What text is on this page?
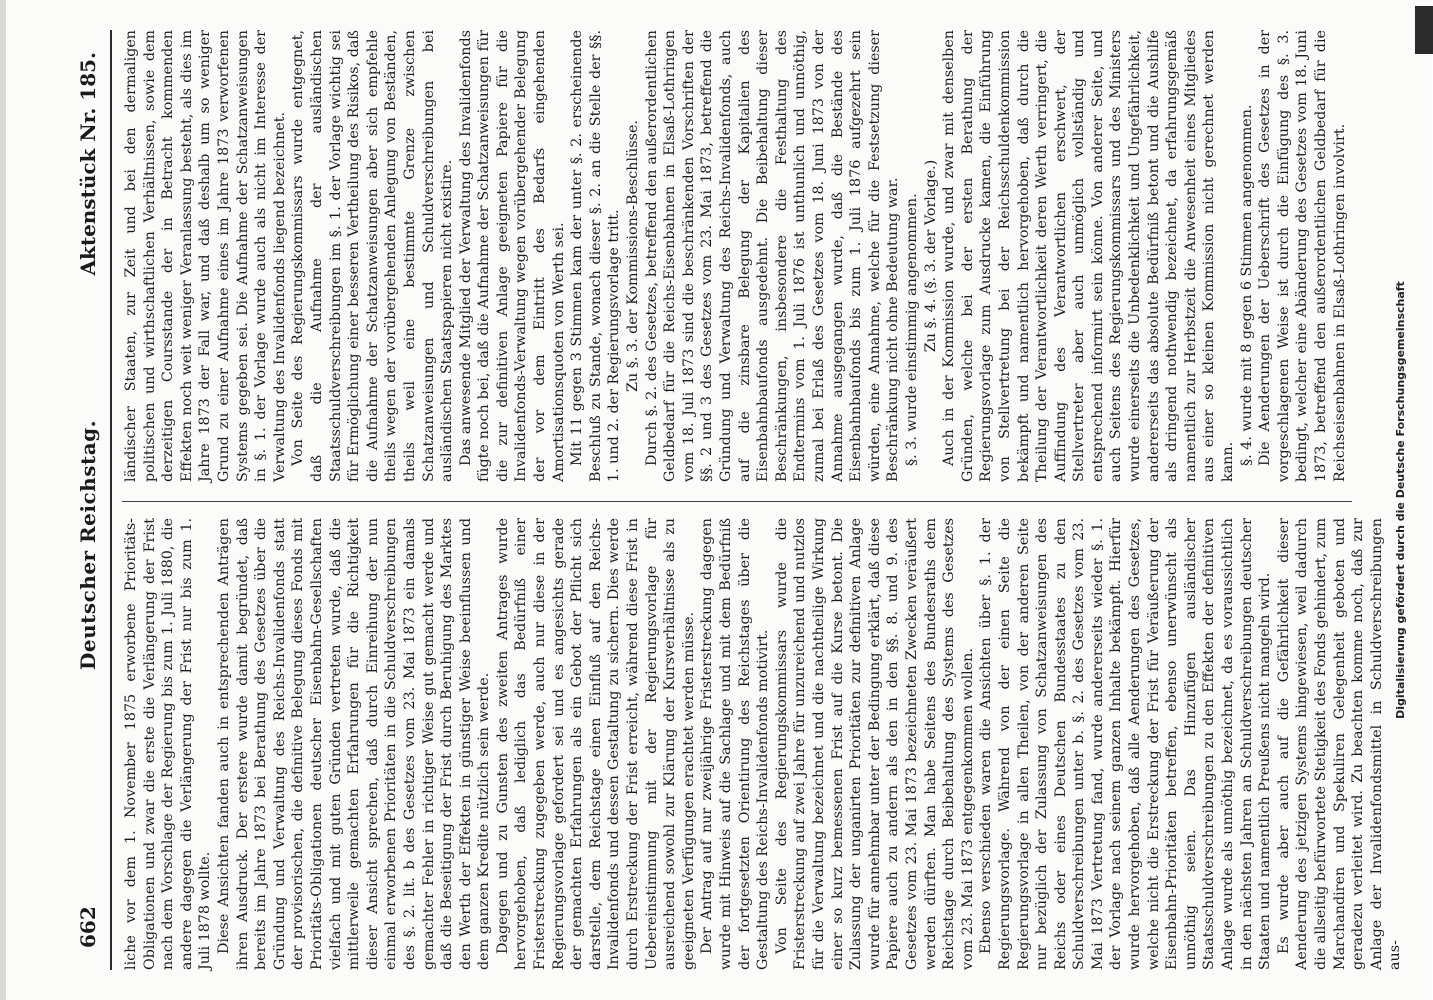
662
Deutscher Reichstag.
Aktenstück Nr. 185.

liche vor dem 1. November 1875 erworbene Prioritäts-Obligationen und zwar die erste die Verlängerung der Frist nach dem Vorschlage der Regierung bis zum 1. Juli 1880, die andere dagegen die Verlängerung der Frist nur bis zum 1. Juli 1878 wollte. Diese Ansichten fanden auch in entsprechenden Anträgen ihren Ausdruck. Der erstere wurde damit begründet, daß bereits im Jahre 1873 bei Berathung des Gesetzes über die Gründung und Verwaltung des Reichs-Invalidenfonds statt der provisorischen, die definitive Belegung dieses Fonds mit Prioritäts-Obligationen deutscher Eisenbahn-Gesellschaften vielfach und mit guten Gründen vertreten wurde, daß die mittlerweile gemachten Erfahrungen für die Richtigkeit dieser Ansicht sprechen, daß durch Einreihung der nun einmal erworbenen Prioritäten in die Schuldverschreibungen des §. 2. lit. b des Gesetzes vom 23. Mai 1873 ein damals gemachter Fehler in richtiger Weise gut gemacht werde und daß die Beseitigung der Frist durch Beruhigung des Marktes den Werth der Effekten in günstiger Weise beeinflussen und dem ganzen Kredite nützlich sein werde. Dagegen und zu Gunsten des zweiten Antrages wurde hervorgehoben, daß lediglich das Bedürfniß einer Fristerstreckung zugegeben werde, auch nur diese in der Regierungsvorlage gefordert sei und es angesichts gerade der gemachten Erfahrungen als ein Gebot der Pflicht sich darstelle, dem Reichstage einen Einfluß auf den Reichs-Invalidenfonds und dessen Gestaltung zu sichern. Dies werde durch Erstreckung der Frist erreicht, während diese Frist in Uebereinstimmung mit der Regierungsvorlage für ausreichend sowohl zur Klärung der Kursverhältnisse als zu geeigneten Verfügungen erachtet werden müsse. Der Antrag auf nur zweijährige Fristerstreckung dagegen wurde mit Hinweis auf die Sachlage und mit dem Bedürfniß der fortgesetzten Orientirung des Reichstages über die Gestaltung des Reichs-Invalidenfonds motivirt. Von Seite des Regierungskommissars wurde die Fristerstreckung auf zwei Jahre für unzureichend und nutzlos für die Verwaltung bezeichnet und die nachtheilige Wirkung einer so kurz bemessenen Frist auf die Kurse betont. Die Zulassung der unganirten Prioritäten zur definitiven Anlage wurde für annehmbar unter der Bedingung erklärt, daß diese Papiere auch zu andern als den in den §§. 8. und 9. des Gesetzes vom 23. Mai 1873 bezeichneten Zwecken veräußert werden dürften. Man habe Seitens des Bundesraths dem Reichstage durch Beibehaltung des Systems des Gesetzes vom 23. Mai 1873 entgegenkommen wollen. Ebenso verschieden waren die Ansichten über §. 1. der Regierungsvorlage. Während von der einen Seite die Regierungsvorlage in allen Theilen, von der anderen Seite nur bezüglich der Zulassung von Schatzanweisungen des Reichs oder eines Deutschen Bundesstaates zu den Schuldverschreibungen unter b. §. 2. des Gesetzes vom 23. Mai 1873 Vertretung fand, wurde andererseits wieder §. 1. der Vorlage nach seinem ganzen Inhalte bekämpft. Hierfür wurde hervorgehoben, daß alle Aenderungen des Gesetzes, welche nicht die Erstreckung der Frist für Veräußerung der Eisenbahn-Prioritäten betreffen, ebenso unerwünscht als unnöthig seien. Das Hinzufügen ausländischer Staatsschuldverschreibungen zu den Effekten der definitiven Anlage wurde als unnöthig bezeichnet, da es voraussichtlich in den nächsten Jahren an Schuldverschreibungen deutscher Staaten und namentlich Preußens nicht mangeln wird. Es wurde aber auch auf die Gefährlichkeit dieser Aenderung des jetzigen Systems hingewiesen, weil dadurch die allseitig befürwortete Stetigkeit des Fonds gehindert, zum Marchandiren und Spekuliren Gelegenheit geboten und geradezu verleitet wird. Zu beachten komme noch, daß zur Anlage der Invalidenfondsmittel in Schuldverschreibungen aus-

ländischer Staaten, zur Zeit und bei den dermaligen politischen und wirthschaftlichen Verhältnissen, sowie dem derzeitigen Coursstande der in Betracht kommenden Effekten noch weit weniger Veranlassung besteht, als dies im Jahre 1873 der Fall war, und daß deshalb um so weniger Grund zu einer Aufnahme eines im Jahre 1873 verworfenen Systems gegeben sei. Die Aufnahme der Schatzanweisungen in §. 1. der Vorlage wurde auch als nicht im Interesse der Verwaltung des Invalidenfonds liegend bezeichnet. Von Seite des Regierungskommissars wurde entgegnet, daß die Aufnahme der ausländischen Staatsschuldverschreibungen im §. 1. der Vorlage wichtig sei für Ermöglichung einer besseren Vertheilung des Risikos, daß die Aufnahme der Schatzanweisungen aber sich empfehle theils wegen der vorübergehenden Anlegung von Beständen, theils weil eine bestimmte Grenze zwischen Schatzanweisungen und Schuldverschreibungen bei ausländischen Staatspapieren nicht existire. Das anwesende Mitglied der Verwaltung des Invalidenfonds fügte noch bei, daß die Aufnahme der Schatzanweisungen für die zur definitiven Anlage geeigneten Papiere für die Invalidenfonds-Verwaltung wegen vorübergehender Belegung der vor dem Eintritt des Bedarfs eingehenden Amortisationsquoten von Werth sei. Mit 11 gegen 3 Stimmen kam der unter §. 2. erscheinende Beschluß zu Stande, wonach dieser §. 2. an die Stelle der §§. 1. und 2. der Regierungsvorlage tritt. Zu §. 3. der Kommissions-Beschlüsse. Durch §. 2. des Gesetzes, betreffend den außerordentlichen Geldbedarf für die Reichs-Eisenbahnen in Elsaß-Lothringen vom 18. Juli 1873 sind die beschränkenden Vorschriften der §§. 2 und 3 des Gesetzes vom 23. Mai 1873, betreffend die Gründung und Verwaltung des Reichs-Invalidenfonds, auch auf die zinsbare Belegung der Kapitalien des Eisenbahnbaufonds ausgedehnt. Die Beibehaltung dieser Beschränkungen, insbesondere die Festhaltung des Endtermins vom 1. Juli 1876 ist unthunlich und unnöthig, zumal bei Erlaß des Gesetzes vom 18. Juni 1873 von der Annahme ausgegangen wurde, daß die Bestände des Eisenbahnbaufonds bis zum 1. Juli 1876 aufgezehrt sein würden, eine Annahme, welche für die Festsetzung dieser Beschränkung nicht ohne Bedeutung war. §. 3. wurde einstimmig angenommen. Zu §. 4. (§. 3. der Vorlage.) Auch in der Kommission wurde, und zwar mit denselben Gründen, welche bei der ersten Berathung der Regierungsvorlage zum Ausdrucke kamen, die Einführung von Stellvertretung bei der Reichsschuldenkommission bekämpft und namentlich hervorgehoben, daß durch die Theilung der Verantwortlichkeit deren Werth verringert, die Auffindung des Verantwortlichen erschwert, der Stellvertreter aber auch unmöglich vollständig und entsprechend informirt sein könne. Von anderer Seite, und auch Seitens des Regierungskommissars und des Ministers wurde einerseits die Unbedenklichkeit und Ungefährlichkeit, andererseits das absolute Bedürfniß betont und die Aushilfe als dringend nothwendig bezeichnet, da erfahrungsgemäß namentlich zur Herbstzeit die Anwesenheit eines Mitgliedes aus einer so kleinen Kommission nicht gerechnet werden kann. §. 4. wurde mit 8 gegen 6 Stimmen angenommen. Die Aenderungen der Ueberschrift des Gesetzes in der vorgeschlagenen Weise ist durch die Einfügung des §. 3. bedingt, welcher eine Abänderung des Gesetzes vom 18. Juni 1873, betreffend den außerordentlichen Geldbedarf für die Reichseisenbahnen in Elsaß-Lothringen involvirt.	Digitalisierung gefördert durch die Deutsche Forschungsgemeinschaft
